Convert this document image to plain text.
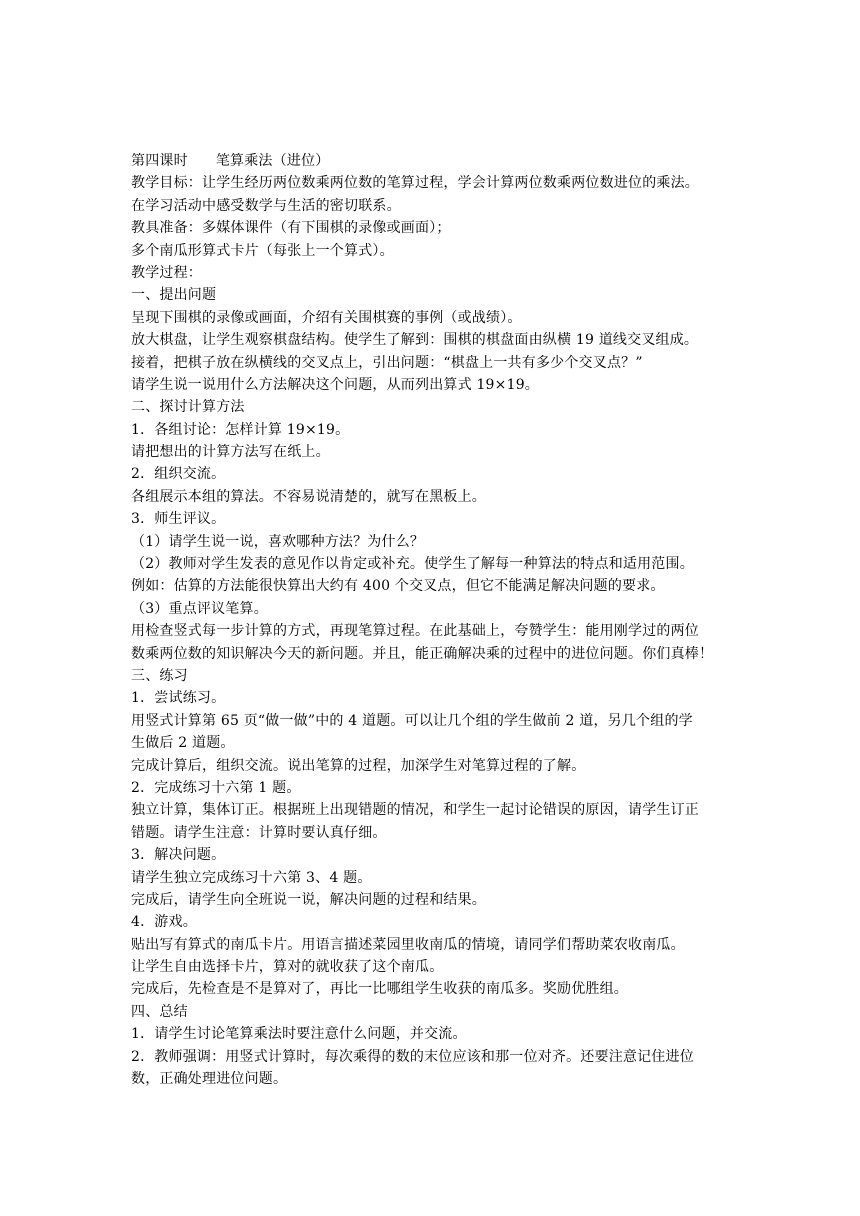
第四课时 笔算乘法（进位）
教学目标：让学生经历两位数乘两位数的笔算过程，学会计算两位数乘两位数进位的乘法。
在学习活动中感受数学与生活的密切联系。
教具准备：多媒体课件（有下围棋的录像或画面）；
多个南瓜形算式卡片（每张上一个算式）。
教学过程：
一、提出问题
呈现下围棋的录像或画面，介绍有关围棋赛的事例（或战绩）。
放大棋盘，让学生观察棋盘结构。使学生了解到：围棋的棋盘面由纵横 19 道线交叉组成。
接着，把棋子放在纵横线的交叉点上，引出问题：“棋盘上一共有多少个交叉点？”
请学生说一说用什么方法解决这个问题，从而列出算式 19×19。
二、探讨计算方法
1．各组讨论：怎样计算 19×19。
请把想出的计算方法写在纸上。
2．组织交流。
各组展示本组的算法。不容易说清楚的，就写在黑板上。
3．师生评议。
（1）请学生说一说，喜欢哪种方法？为什么？
（2）教师对学生发表的意见作以肯定或补充。使学生了解每一种算法的特点和适用范围。
例如：估算的方法能很快算出大约有 400 个交叉点，但它不能满足解决问题的要求。
（3）重点评议笔算。
用检查竖式每一步计算的方式，再现笔算过程。在此基础上，夸赞学生：能用刚学过的两位
数乘两位数的知识解决今天的新问题。并且，能正确解决乘的过程中的进位问题。你们真棒！
三、练习
1．尝试练习。
用竖式计算第 65 页“做一做”中的 4 道题。可以让几个组的学生做前 2 道，另几个组的学
生做后 2 道题。
完成计算后，组织交流。说出笔算的过程，加深学生对笔算过程的了解。
2．完成练习十六第 1 题。
独立计算，集体订正。根据班上出现错题的情况，和学生一起讨论错误的原因，请学生订正
错题。请学生注意：计算时要认真仔细。
3．解决问题。
请学生独立完成练习十六第 3、4 题。
完成后，请学生向全班说一说，解决问题的过程和结果。
4．游戏。
贴出写有算式的南瓜卡片。用语言描述菜园里收南瓜的情境，请同学们帮助菜农收南瓜。
让学生自由选择卡片，算对的就收获了这个南瓜。
完成后，先检查是不是算对了，再比一比哪组学生收获的南瓜多。奖励优胜组。
四、总结
1．请学生讨论笔算乘法时要注意什么问题，并交流。
2．教师强调：用竖式计算时，每次乘得的数的末位应该和那一位对齐。还要注意记住进位
数，正确处理进位问题。
